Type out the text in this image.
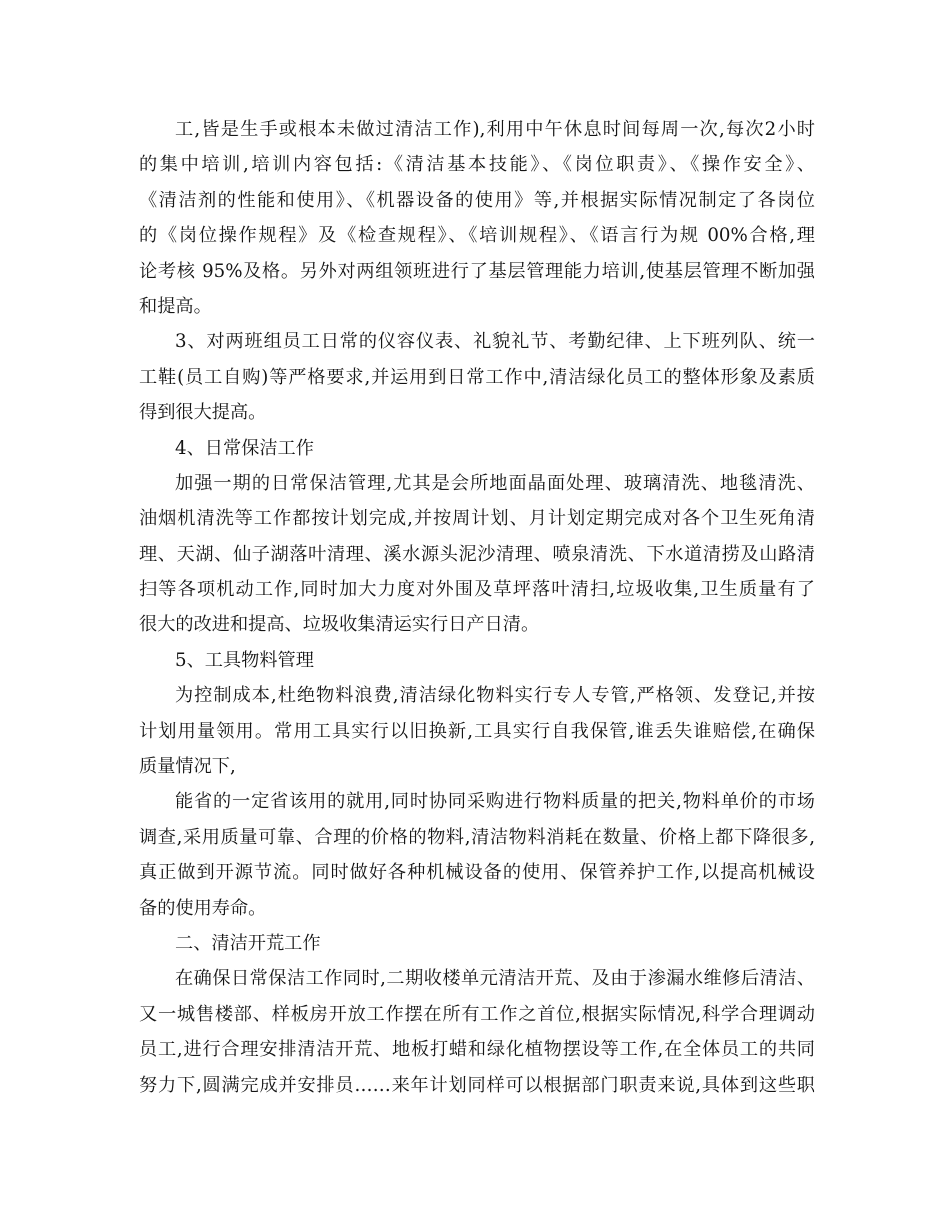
工,皆是生手或根本未做过清洁工作),利用中午休息时间每周一次,每次2小时
的集中培训,培训内容包括:《清洁基本技能》、《岗位职责》、《操作安全》、
《清洁剂的性能和使用》、《机器设备的使用》等,并根据实际情况制定了各岗位
的《岗位操作规程》及《检查规程》、《培训规程》、《语言行为规 00%合格,理
论考核 95%及格。另外对两组领班进行了基层管理能力培训,使基层管理不断加强
和提高。
3、对两班组员工日常的仪容仪表、礼貌礼节、考勤纪律、上下班列队、统一
工鞋(员工自购)等严格要求,并运用到日常工作中,清洁绿化员工的整体形象及素质
得到很大提高。
4、日常保洁工作
加强一期的日常保洁管理,尤其是会所地面晶面处理、玻璃清洗、地毯清洗、
油烟机清洗等工作都按计划完成,并按周计划、月计划定期完成对各个卫生死角清
理、天湖、仙子湖落叶清理、溪水源头泥沙清理、喷泉清洗、下水道清捞及山路清
扫等各项机动工作,同时加大力度对外围及草坪落叶清扫,垃圾收集,卫生质量有了
很大的改进和提高、垃圾收集清运实行日产日清。
5、工具物料管理
为控制成本,杜绝物料浪费,清洁绿化物料实行专人专管,严格领、发登记,并按
计划用量领用。常用工具实行以旧换新,工具实行自我保管,谁丢失谁赔偿,在确保
质量情况下,
能省的一定省该用的就用,同时协同采购进行物料质量的把关,物料单价的市场
调查,采用质量可靠、合理的价格的物料,清洁物料消耗在数量、价格上都下降很多,
真正做到开源节流。同时做好各种机械设备的使用、保管养护工作,以提高机械设
备的使用寿命。
二、清洁开荒工作
在确保日常保洁工作同时,二期收楼单元清洁开荒、及由于渗漏水维修后清洁、
又一城售楼部、样板房开放工作摆在所有工作之首位,根据实际情况,科学合理调动
员工,进行合理安排清洁开荒、地板打蜡和绿化植物摆设等工作,在全体员工的共同
努力下,圆满完成并安排员……来年计划同样可以根据部门职责来说,具体到这些职
